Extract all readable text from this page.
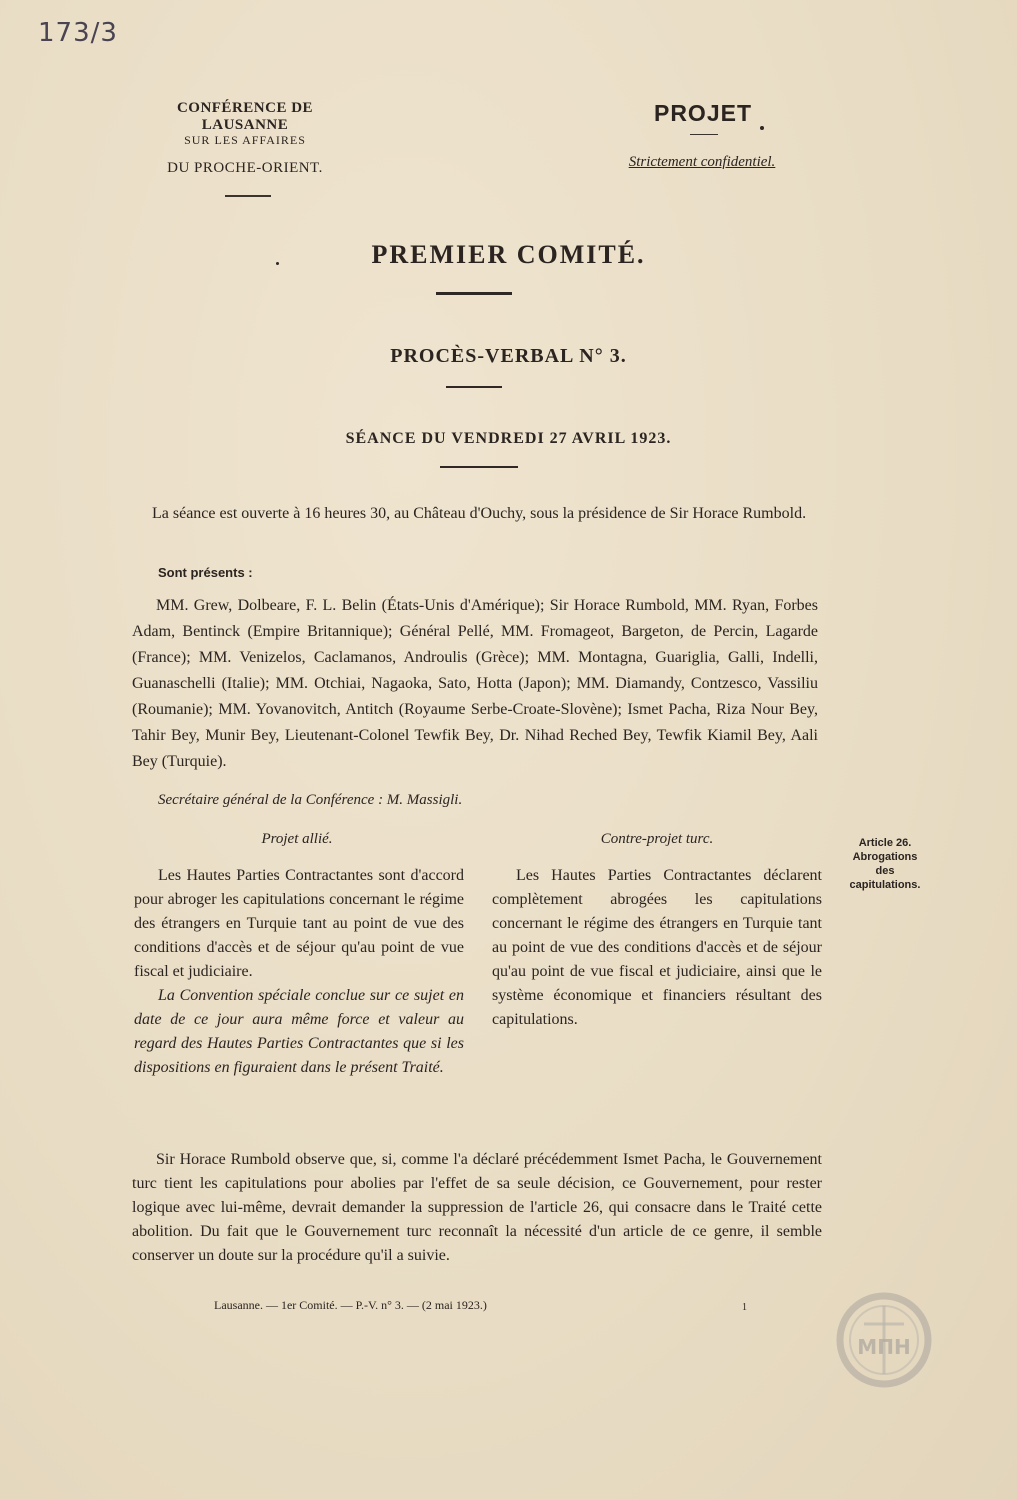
173/3
CONFÉRENCE DE LAUSANNE
SUR LES AFFAIRES
DU PROCHE-ORIENT.
PROJET
Strictement confidentiel.
PREMIER COMITÉ.
PROCÈS-VERBAL N° 3.
SÉANCE DU VENDREDI 27 AVRIL 1923.
La séance est ouverte à 16 heures 30, au Château d'Ouchy, sous la présidence de Sir Horace Rumbold.
Sont présents :
MM. Grew, Dolbeare, F. L. Belin (États-Unis d'Amérique); Sir Horace Rumbold, MM. Ryan, Forbes Adam, Bentinck (Empire Britannique); Général Pellé, MM. Fromageot, Bargeton, de Percin, Lagarde (France); MM. Venizelos, Caclamanos, Androulis (Grèce); MM. Montagna, Guariglia, Galli, Indelli, Guanaschelli (Italie); MM. Otchiai, Nagaoka, Sato, Hotta (Japon); MM. Diamandy, Contzesco, Vassiliu (Roumanie); MM. Yovanovitch, Antitch (Royaume Serbe-Croate-Slovène); Ismet Pacha, Riza Nour Bey, Tahir Bey, Munir Bey, Lieutenant-Colonel Tewfik Bey, Dr. Nihad Reched Bey, Tewfik Kiamil Bey, Aali Bey (Turquie).
Secrétaire général de la Conférence : M. Massigli.
Projet allié.	Contre-projet turc.

Les Hautes Parties Contractantes sont d'accord pour abroger les capitulations concernant le régime des étrangers en Turquie tant au point de vue des conditions d'accès et de séjour qu'au point de vue fiscal et judiciaire.

La Convention spéciale conclue sur ce sujet en date de ce jour aura même force et valeur au regard des Hautes Parties Contractantes que si les dispositions en figuraient dans le présent Traité.

Les Hautes Parties Contractantes déclarent complètement abrogées les capitulations concernant le régime des étrangers en Turquie tant au point de vue des conditions d'accès et de séjour qu'au point de vue fiscal et judiciaire, ainsi que le système économique et financiers résultant des capitulations.

Article 26.
Abrogations
des
capitulations.
Sir Horace Rumbold observe que, si, comme l'a déclaré précédemment Ismet Pacha, le Gouvernement turc tient les capitulations pour abolies par l'effet de sa seule décision, ce Gouvernement, pour rester logique avec lui-même, devrait demander la suppression de l'article 26, qui consacre dans le Traité cette abolition. Du fait que le Gouvernement turc reconnaît la nécessité d'un article de ce genre, il semble conserver un doute sur la procédure qu'il a suivie.
Lausanne. — 1er Comité. — P.-V. n° 3. — (2 mai 1923.)	1
ΜΠΗ
